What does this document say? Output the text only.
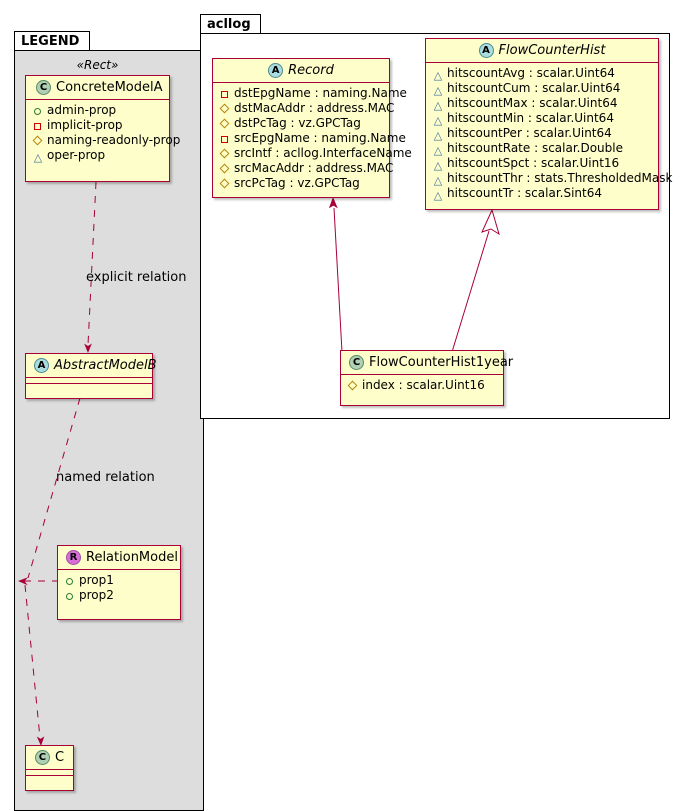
LEGEND
acllog
explicit relation
named relation
C ConcreteModelA
admin-prop
implicit-prop
naming-readonly-prop
△ oper-prop
«Rect»
A AbstractModelB
R RelationModel
prop1
prop2
C C
A Record
dstEpgName : naming.Name
dstMacAddr : address.MAC
dstPcTag : vz.GPCTag
srcEpgName : naming.Name
srcIntf : acllog.InterfaceName
srcMacAddr : address.MAC
srcPcTag : vz.GPCTag
A FlowCounterHist
△ hitscountAvg : scalar.Uint64
△ hitscountCum : scalar.Uint64
△ hitscountMax : scalar.Uint64
△ hitscountMin : scalar.Uint64
△ hitscountPer : scalar.Uint64
△ hitscountRate : scalar.Double
△ hitscountSpct : scalar.Uint16
△ hitscountThr : stats.ThresholdedMask
△ hitscountTr : scalar.Sint64
C FlowCounterHist1year
index : scalar.Uint16
